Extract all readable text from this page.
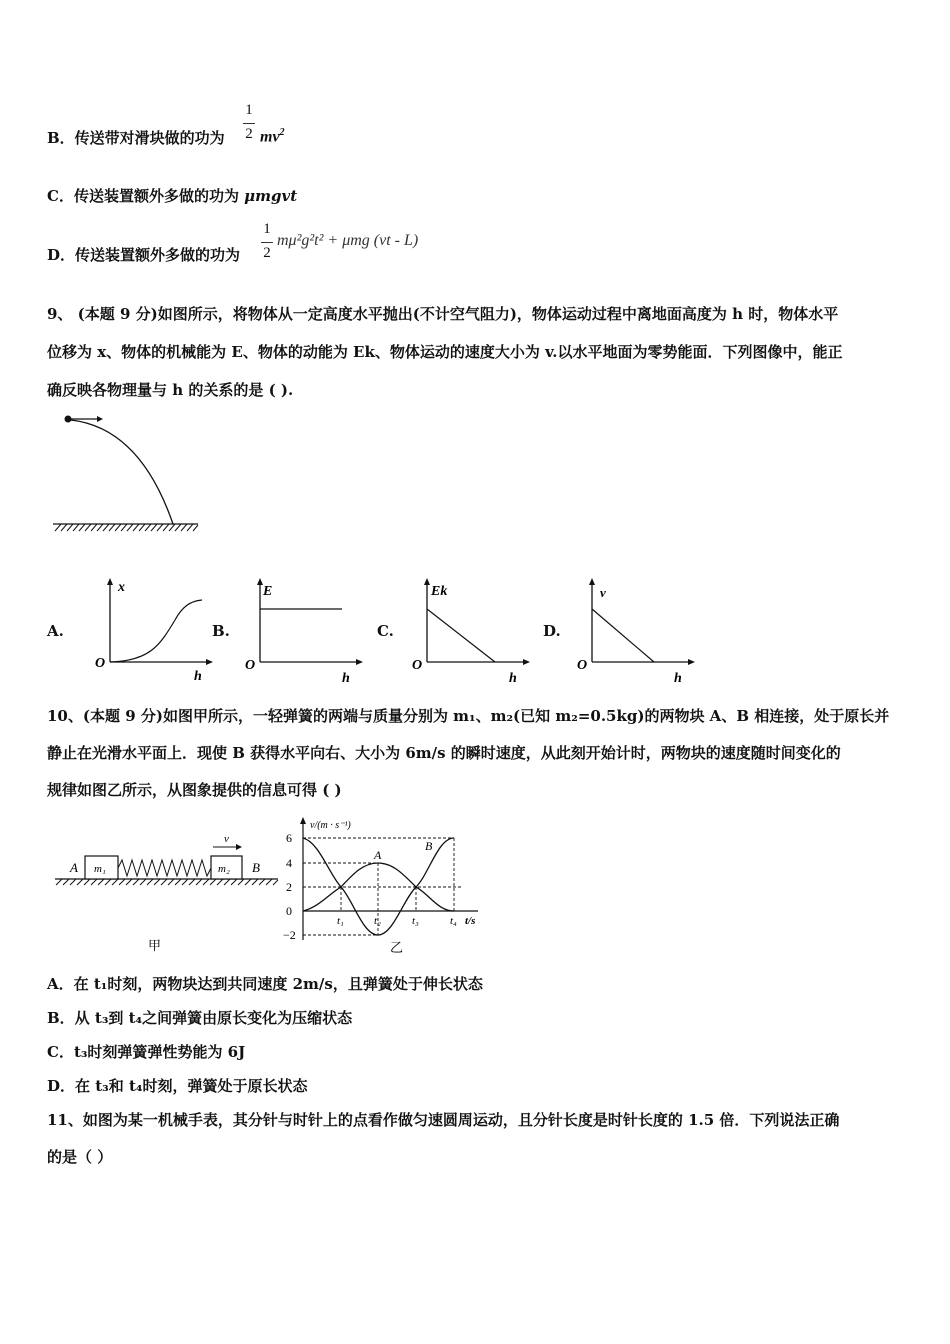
B．传送带对滑块做的功为
1
2 $mv^2$
C．传送装置额外多做的功为 μmgvt
D．传送装置额外多做的功为
1
2
mμ²g²t² + μmg (vt - L)
9、 (本题 9 分)如图所示，将物体从一定高度水平抛出(不计空气阻力)，物体运动过程中离地面高度为 h 时，物体水平
位移为 x、物体的机械能为 E、物体的动能为 Ek、物体运动的速度大小为 v.以水平地面为零势能面．下列图像中，能正
确反映各物理量与 h 的关系的是 ( ).
A.	B.	C.	D.
x
O
h
E
O
h
Ek
O
h
v
O
h
10、(本题 9 分)如图甲所示，一轻弹簧的两端与质量分别为 m₁、m₂(已知 m₂=0.5kg)的两物块 A、B 相连接，处于原长并
静止在光滑水平面上．现使 B 获得水平向右、大小为 6m/s 的瞬时速度，从此刻开始计时，两物块的速度随时间变化的
规律如图乙所示，从图象提供的信息可得 ( )
m₁	m₂
A	B
v
甲
v/(m · s⁻¹)
t/s
6
4
2
0
−2
A
B
t₁	t₂	t₃	t₄
乙
A．在 t₁时刻，两物块达到共同速度 2m/s，且弹簧处于伸长状态
B．从 t₃到 t₄之间弹簧由原长变化为压缩状态
C．t₃时刻弹簧弹性势能为 6J
D．在 t₃和 t₄时刻，弹簧处于原长状态
11、如图为某一机械手表，其分针与时针上的点看作做匀速圆周运动，且分针长度是时针长度的 1.5 倍．下列说法正确
的是（ ）
